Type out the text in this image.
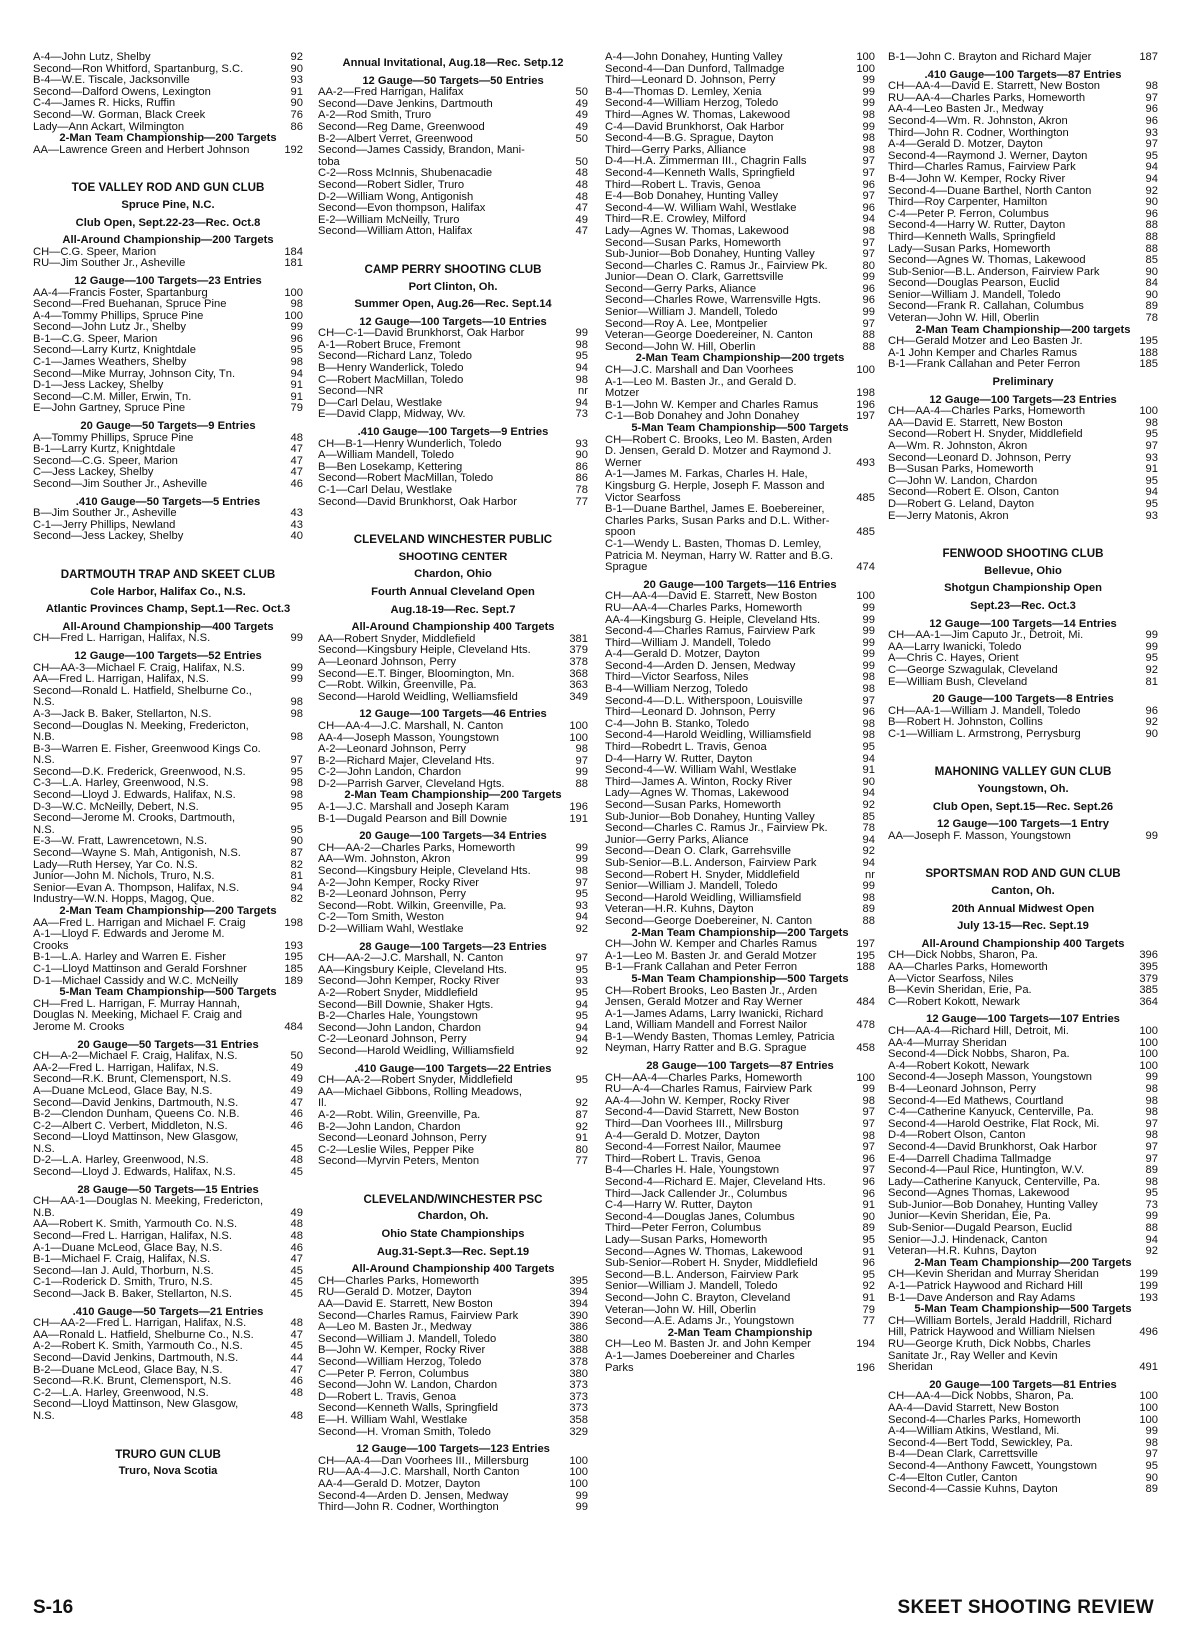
A-4—John Lutz, Shelby	92
Second—Ron Whitford, Spartanburg, S.C.	90
B-4—W.E. Tiscale, Jacksonville	93
Second—Dalford Owens, Lexington	91
C-4—James R. Hicks, Ruffin	90
Second—W. Gorman, Black Creek	76
Lady—Ann Ackart, Wilmington	86
2-Man Team Championship—200 Targets
AA—Lawrence Green and Herbert Johnson	192
TOE VALLEY ROD AND GUN CLUB
Spruce Pine, N.C.
Club Open, Sept.22-23—Rec. Oct.8
All-Around Championship—200 Targets
CH—C.G. Speer, Marion	184
RU—Jim Souther Jr., Asheville	181
12 Gauge—100 Targets—23 Entries
AA-4—Francis Foster, Spartanburg	100
Second—Fred Buehanan, Spruce Pine	98
A-4—Tommy Phillips, Spruce Pine	100
Second—John Lutz Jr., Shelby	99
B-1—C.G. Speer, Marion	96
Second—Larry Kurtz, Knightdale	95
C-1—James Weathers, Shelby	98
Second—Mike Murray, Johnson City, Tn.	94
D-1—Jess Lackey, Shelby	91
Second—C.M. Miller, Erwin, Tn.	91
E—John Gartney, Spruce Pine	79
20 Gauge—50 Targets—9 Entries
A—Tommy Phillips, Spruce Pine	48
B-1—Larry Kurtz, Knightdale	47
Second—C.G. Speer, Marion	47
C—Jess Lackey, Shelby	47
Second—Jim Souther Jr., Asheville	46
.410 Gauge—50 Targets—5 Entries
B—Jim Souther Jr., Asheville	43
C-1—Jerry Phillips, Newland	43
Second—Jess Lackey, Shelby	40
DARTMOUTH TRAP AND SKEET CLUB
Cole Harbor, Halifax Co., N.S.
Atlantic Provinces Champ, Sept.1—Rec. Oct.3
All-Around Championship—400 Targets
CH—Fred L. Harrigan, Halifax, N.S.	99
12 Gauge—100 Targets—52 Entries
CH—AA-3—Michael F. Craig, Halifax, N.S.	99
AA—Fred L. Harrigan, Halifax, N.S.	99
Second—Ronald L. Hatfield, Shelburne Co.,
N.S.	98
A-3—Jack B. Baker, Stellarton, N.S.	98
Second—Douglas N. Meeking, Fredericton,
N.B.	98
B-3—Warren E. Fisher, Greenwood Kings Co.
N.S.	97
Second—D.K. Frederick, Greenwood, N.S.	95
C-3—L.A. Harley, Greenwood, N.S.	98
Second—Lloyd J. Edwards, Halifax, N.S.	98
D-3—W.C. McNeilly, Debert, N.S.	95
Second—Jerome M. Crooks, Dartmouth,
N.S.	95
E-3—W. Fratt, Lawrencetown, N.S.	90
Second—Wayne S. Mah, Antigonish, N.S.	87
Lady—Ruth Hersey, Yar Co. N.S.	82
Junior—John M. Nichols, Truro, N.S.	81
Senior—Evan A. Thompson, Halifax, N.S.	94
Industry—W.N. Hopps, Magog, Que.	82
2-Man Team Championship—200 Targets
AA—Fred L. Harrigan and Michael F. Craig	198
A-1—Lloyd F. Edwards and Jerome M.
Crooks	193
B-1—L.A. Harley and Warren E. Fisher	195
C-1—Lloyd Mattinson and Gerald Forshner	185
D-1—Michael Cassidy and W.C. McNeilly	189
5-Man Team Championship—500 Targets
CH—Fred L. Harrigan, F. Murray Hannah,
Douglas N. Meeking, Michael F. Craig and
Jerome M. Crooks	484
20 Gauge—50 Targets—31 Entries
CH—A-2—Michael F. Craig, Halifax, N.S.	50
AA-2—Fred L. Harrigan, Halifax, N.S.	49
Second—R.K. Brunt, Clemensport, N.S.	49
A—Duane McLeod, Glace Bay, N.S.	49
Second—David Jenkins, Dartmouth, N.S.	47
B-2—Clendon Dunham, Queens Co. N.B.	46
C-2—Albert C. Verbert, Middleton, N.S.	46
Second—Lloyd Mattinson, New Glasgow,
N.S.	45
D-2—L.A. Harley, Greenwood, N.S.	48
Second—Lloyd J. Edwards, Halifax, N.S.	45
28 Gauge—50 Targets—15 Entries
CH—AA-1—Douglas N. Meeking, Fredericton,
N.B.	49
AA—Robert K. Smith, Yarmouth Co. N.S.	48
Second—Fred L. Harrigan, Halifax, N.S.	48
A-1—Duane McLeod, Glace Bay, N.S.	46
B-1—Michael F. Craig, Halifax, N.S.	47
Second—Ian J. Auld, Thorburn, N.S.	45
C-1—Roderick D. Smith, Truro, N.S.	45
Second—Jack B. Baker, Stellarton, N.S.	45
.410 Gauge—50 Targets—21 Entries
CH—AA-2—Fred L. Harrigan, Halifax, N.S.	48
AA—Ronald L. Hatfield, Shelburne Co., N.S.	47
A-2—Robert K. Smith, Yarmouth Co., N.S.	45
Second—David Jenkins, Dartmouth, N.S.	44
B-2—Duane McLeod, Glace Bay, N.S.	47
Second—R.K. Brunt, Clemensport, N.S.	46
C-2—L.A. Harley, Greenwood, N.S.	48
Second—Lloyd Mattinson, New Glasgow,
N.S.	48
TRURO GUN CLUB
Truro, Nova Scotia
Annual Invitational, Aug.18—Rec. Setp.12
12 Gauge—50 Targets—50 Entries
AA-2—Fred Harrigan, Halifax	50
Second—Dave Jenkins, Dartmouth	49
A-2—Rod Smith, Truro	49
Second—Reg Dame, Greenwood	49
B-2—Albert Verret, Greenwood	50
Second—James Cassidy, Brandon, Mani-
toba	50
C-2—Ross McInnis, Shubenacadie	48
Second—Robert Sidler, Truro	48
D-2—William Wong, Antigonish	48
Second—Evon thompson, Halifax	47
E-2—William McNeilly, Truro	49
Second—William Atton, Halifax	47
CAMP PERRY SHOOTING CLUB
Port Clinton, Oh.
Summer Open, Aug.26—Rec. Sept.14
12 Gauge—100 Targets—10 Entries
CH—C-1—David Brunkhorst, Oak Harbor	99
A-1—Robert Bruce, Fremont	98
Second—Richard Lanz, Toledo	95
B—Henry Wanderlick, Toledo	94
C—Robert MacMillan, Toledo	98
Second—NR	nr
D—Carl Delau, Westlake	94
E—David Clapp, Midway, Wv.	73
.410 Gauge—100 Targets—9 Entries
CH—B-1—Henry Wunderlich, Toledo	93
A—William Mandell, Toledo	90
B—Ben Losekamp, Kettering	86
Second—Robert MacMillan, Toledo	86
C-1—Carl Delau, Westlake	78
Second—David Brunkhorst, Oak Harbor	77
CLEVELAND WINCHESTER PUBLIC
SHOOTING CENTER
Chardon, Ohio
Fourth Annual Cleveland Open
Aug.18-19—Rec. Sept.7
All-Around Championship 400 Targets
AA—Robert Snyder, Middlefield	381
Second—Kingsbury Heiple, Cleveland Hts.	379
A—Leonard Johnson, Perry	378
Second—E.T. Binger, Bloomington, Mn.	368
C—Robt. Wilkin, Greenville, Pa.	363
Second—Harold Weidling, Welliamsfield	349
12 Gauge—100 Targets—46 Entries
CH—AA-4—J.C. Marshall, N. Canton	100
AA-4—Joseph Masson, Youngstown	100
A-2—Leonard Johnson, Perry	98
B-2—Richard Majer, Cleveland Hts.	97
C-2—John Landon, Chardon	99
D-2—Parrish Garver, Cleveland Hgts.	88
2-Man Team Championship—200 Targets
A-1—J.C. Marshall and Joseph Karam	196
B-1—Dugald Pearson and Bill Downie	191
20 Gauge—100 Targets—34 Entries
CH—AA-2—Charles Parks, Homeworth	99
AA—Wm. Johnston, Akron	99
Second—Kingsbury Heiple, Cleveland Hts.	98
A-2—John Kemper, Rocky River	97
B-2—Leonard Johnson, Perry	95
Second—Robt. Wilkin, Greenville, Pa.	93
C-2—Tom Smith, Weston	94
D-2—William Wahl, Westlake	92
28 Gauge—100 Targets—23 Entries
CH—AA-2—J.C. Marshall, N. Canton	97
AA—Kingsbury Keiple, Cleveland Hts.	95
Second—John Kemper, Rocky River	93
A-2—Robert Snyder, Middlefield	95
Second—Bill Downie, Shaker Hgts.	94
B-2—Charles Hale, Youngstown	95
Second—John Landon, Chardon	94
C-2—Leonard Johnson, Perry	94
Second—Harold Weidling, Williamsfield	92
.410 Gauge—100 Targets—22 Entries
CH—AA-2—Robert Snyder, Middlefield	95
AA—Michael Gibbons, Rolling Meadows,
Il.	92
A-2—Robt. Wilin, Greenville, Pa.	87
B-2—John Landon, Chardon	92
Second—Leonard Johnson, Perry	91
C-2—Leslie Wiles, Pepper Pike	80
Second—Myrvin Peters, Menton	77
CLEVELAND/WINCHESTER PSC
Chardon, Oh.
Ohio State Championships
Aug.31-Sept.3—Rec. Sept.19
All-Around Championship 400 Targets
CH—Charles Parks, Homeworth	395
RU—Gerald D. Motzer, Dayton	394
AA—David E. Starrett, New Boston	394
Second—Charles Ramus, Fairview Park	390
A—Leo M. Basten Jr., Medway	386
Second—William J. Mandell, Toledo	380
B—John W. Kemper, Rocky River	388
Second—William Herzog, Toledo	378
C—Peter P. Ferron, Columbus	380
Second—John W. Landon, Chardon	373
D—Robert L. Travis, Genoa	373
Second—Kenneth Walls, Springfield	373
E—H. William Wahl, Westlake	358
Second—H. Vroman Smith, Toledo	329
12 Gauge—100 Targets—123 Entries
CH—AA-4—Dan Voorhees III., Millersburg	100
RU—AA-4—J.C. Marshall, North Canton	100
AA-4—Gerald D. Motzer, Dayton	100
Second-4—Arden D. Jensen, Medway	99
Third—John R. Codner, Worthington	99
A-4—John Donahey, Hunting Valley	100
Second-4—Dan Dunford, Tallmadge	100
Third—Leonard D. Johnson, Perry	99
B-4—Thomas D. Lemley, Xenia	99
Second-4—William Herzog, Toledo	99
Third—Agnes W. Thomas, Lakewood	98
C-4—David Brunkhorst, Oak Harbor	99
Second-4—B.G. Sprague, Dayton	98
Third—Gerry Parks, Alliance	98
D-4—H.A. Zimmerman III., Chagrin Falls	97
Second-4—Kenneth Walls, Springfield	97
Third—Robert L. Travis, Genoa	96
E-4—Bob Donahey, Hunting Valley	97
Second-4—W. William Wahl, Westlake	96
Third—R.E. Crowley, Milford	94
Lady—Agnes W. Thomas, Lakewood	98
Second—Susan Parks, Homeworth	97
Sub-Junior—Bob Donahey, Hunting Valley	97
Second—Charles C. Ramus Jr., Fairview Pk.	80
Junior—Dean O. Clark, Garrettsville	99
Second—Gerry Parks, Aliance	96
Second—Charles Rowe, Warrensville Hgts.	96
Senior—William J. Mandell, Toledo	99
Second—Roy A. Lee, Montpelier	97
Veteran—George Doedereiner, N. Canton	88
Second—John W. Hill, Oberlin	88
2-Man Team Championship—200 trgets
CH—J.C. Marshall and Dan Voorhees	100
A-1—Leo M. Basten Jr., and Gerald D.
Motzer	198
B-1—John W. Kemper and Charles Ramus	196
C-1—Bob Donahey and John Donahey	197
5-Man Team Championship—500 Targets
CH—Robert C. Brooks, Leo M. Basten, Arden
D. Jensen, Gerald D. Motzer and Raymond J.
Werner	493
A-1—James M. Farkas, Charles H. Hale,
Kingsburg G. Herple, Joseph F. Masson and
Victor Searfoss	485
B-1—Duane Barthel, James E. Boebereiner,
Charles Parks, Susan Parks and D.L. Wither-
spoon	485
C-1—Wendy L. Basten, Thomas D. Lemley,
Patricia M. Neyman, Harry W. Ratter and B.G.
Sprague	474
20 Gauge—100 Targets—116 Entries
CH—AA-4—David E. Starrett, New Boston	100
RU—AA-4—Charles Parks, Homeworth	99
AA-4—Kingsburg G. Heiple, Cleveland Hts.	99
Second-4—Charles Ramus, Fairview Park	99
Third—William J. Mandell, Toledo	99
A-4—Gerald D. Motzer, Dayton	99
Second-4—Arden D. Jensen, Medway	99
Third—Victor Searfoss, Niles	98
B-4—William Nerzog, Toledo	98
Second-4—D.L. Witherspoon, Louisville	97
Third—Leonard D. Johnson, Perry	96
C-4—John B. Stanko, Toledo	98
Second-4—Harold Weidling, Williamsfield	98
Third—Robedrt L. Travis, Genoa	95
D-4—Harry W. Rutter, Dayton	94
Second-4—W. William Wahl, Westlake	91
Third—James A. Winton, Rocky River	90
Lady—Agnes W. Thomas, Lakewood	94
Second—Susan Parks, Homeworth	92
Sub-Junior—Bob Donahey, Hunting Valley	85
Second—Charles C. Ramus Jr., Fairview Pk.	78
Junior—Gerry Parks, Aliance	94
Second—Dean O. Clark, Garrehsville	92
Sub-Senior—B.L. Anderson, Fairview Park	94
Second—Robert H. Snyder, Middlefield	nr
Senior—William J. Mandell, Toledo	99
Second—Harold Weidling, Williamsfield	98
Veteran—H.R. Kuhns, Dayton	89
Second—George Doebereiner, N. Canton	88
2-Man Team Championship—200 Targets
CH—John W. Kemper and Charles Ramus	197
A-1—Leo M. Basten Jr. and Gerald Motzer	195
B-1—Frank Callahan and Peter Ferron	188
5-Man Team Championship—500 Targets
CH—Robert Brooks, Leo Basten Jr., Arden
Jensen, Gerald Motzer and Ray Werner	484
A-1—James Adams, Larry Iwanicki, Richard
Land, William Mandell and Forrest Nailor	478
B-1—Wendy Basten, Thomas Lemley, Patricia
Neyman, Harry Ratter and B.G. Sprague	458
28 Gauge—100 Targets—87 Entries
CH—AA-4—Charles Parks, Homeworth	100
RU—A-4—Charles Ramus, Fairview Park	99
AA-4—John W. Kemper, Rocky River	98
Second-4—David Starrett, New Boston	97
Third—Dan Voorhees III., Millrsburg	97
A-4—Gerald D. Motzer, Dayton	98
Second-4—Forrest Nailor, Maumee	97
Third—Robert L. Travis, Genoa	96
B-4—Charles H. Hale, Youngstown	97
Second-4—Richard E. Majer, Cleveland Hts.	96
Third—Jack Callender Jr., Columbus	96
C-4—Harry W. Rutter, Dayton	91
Second-4—Douglas Janes, Columbus	90
Third—Peter Ferron, Columbus	89
Lady—Susan Parks, Homeworth	95
Second—Agnes W. Thomas, Lakewood	91
Sub-Senior—Robert H. Snyder, Middlefield	96
Second—B.L. Anderson, Fairview Park	95
Senior—William J. Mandell, Toledo	92
Second—John C. Brayton, Cleveland	91
Veteran—John W. Hill, Oberlin	79
Second—A.E. Adams Jr., Youngstown	77
2-Man Team Championship
CH—Leo M. Basten Jr. and John Kemper	194
A-1—James Doebereiner and Charles
Parks	196
B-1—John C. Brayton and Richard Majer	187
.410 Gauge—100 Targets—87 Entries
CH—AA-4—David E. Starrett, New Boston	98
RU—AA-4—Charles Parks, Homeworth	97
AA-4—Leo Basten Jr., Medway	96
Second-4—Wm. R. Johnston, Akron	96
Third—John R. Codner, Worthington	93
A-4—Gerald D. Motzer, Dayton	97
Second-4—Raymond J. Werner, Dayton	95
Third—Charles Ramus, Fairview Park	94
B-4—John W. Kemper, Rocky River	94
Second-4—Duane Barthel, North Canton	92
Third—Roy Carpenter, Hamilton	90
C-4—Peter P. Ferron, Columbus	96
Second-4—Harry W. Rutter, Dayton	88
Third—Kenneth Walls, Springfield	88
Lady—Susan Parks, Homeworth	88
Second—Agnes W. Thomas, Lakewood	85
Sub-Senior—B.L. Anderson, Fairview Park	90
Second—Douglas Pearson, Euclid	84
Senior—William J. Mandell, Toledo	90
Second—Frank R. Callahan, Columbus	89
Veteran—John W. Hill, Oberlin	78
2-Man Team Championship—200 targets
CH—Gerald Motzer and Leo Basten Jr.	195
A-1 John Kemper and Charles Ramus	188
B-1—Frank Callahan and Peter Ferron	185
Preliminary
12 Gauge—100 Targets—23 Entries
CH—AA-4—Charles Parks, Homeworth	100
AA—David E. Starrett, New Boston	98
Second—Robert H. Snyder, Middlefield	95
A—Wm. R. Johnston, Akron	97
Second—Leonard D. Johnson, Perry	93
B—Susan Parks, Homeworth	91
C—John W. Landon, Chardon	95
Second—Robert E. Olson, Canton	94
D—Robert G. Leland, Dayton	95
E—Jerry Matonis, Akron	93
FENWOOD SHOOTING CLUB
Bellevue, Ohio
Shotgun Championship Open
Sept.23—Rec. Oct.3
12 Gauge—100 Targets—14 Entries
CH—AA-1—Jim Caputo Jr., Detroit, Mi.	99
AA—Larry Iwanicki, Toledo	99
A—Chris C. Hayes, Orient	95
C—George Szwagulak, Cleveland	92
E—William Bush, Cleveland	81
20 Gauge—100 Targets—8 Entries
CH—AA-1—William J. Mandell, Toledo	96
B—Robert H. Johnston, Collins	92
C-1—William L. Armstrong, Perrysburg	90
MAHONING VALLEY GUN CLUB
Youngstown, Oh.
Club Open, Sept.15—Rec. Sept.26
12 Gauge—100 Targets—1 Entry
AA—Joseph F. Masson, Youngstown	99
SPORTSMAN ROD AND GUN CLUB
Canton, Oh.
20th Annual Midwest Open
July 13-15—Rec. Sept.19
All-Around Championship 400 Targets
CH—Dick Nobbs, Sharon, Pa.	396
AA—Charles Parks, Homeworth	395
A—Victor Searfoss, Niles	379
B—Kevin Sheridan, Erie, Pa.	385
C—Robert Kokott, Newark	364
12 Gauge—100 Targets—107 Entries
CH—AA-4—Richard Hill, Detroit, Mi.	100
AA-4—Murray Sheridan	100
Second-4—Dick Nobbs, Sharon, Pa.	100
A-4—Robert Kokott, Newark	100
Second-4—Joseph Masson, Youngstown	99
B-4—Leonard Johnson, Perry	98
Second-4—Ed Mathews, Courtland	98
C-4—Catherine Kanyuck, Centerville, Pa.	98
Second-4—Harold Oestrike, Flat Rock, Mi.	97
D-4—Robert Olson, Canton	98
Second-4—David Brunkhorst, Oak Harbor	97
E-4—Darrell Chadima Tallmadge	97
Second-4—Paul Rice, Huntington, W.V.	89
Lady—Catherine Kanyuck, Centerville, Pa.	98
Second—Agnes Thomas, Lakewood	95
Sub-Junior—Bob Donahey, Hunting Valley	73
Junior—Kevin Sheridan, Eie, Pa.	99
Sub-Senior—Dugald Pearson, Euclid	88
Senior—J.J. Hindenack, Canton	94
Veteran—H.R. Kuhns, Dayton	92
2-Man Team Championship—200 Targets
CH—Kevin Sheridan and Murray Sheridan	199
A-1—Patrick Haywood and Richard Hill	199
B-1—Dave Anderson and Ray Adams	193
5-Man Team Championship—500 Targets
CH—William Bortels, Jerald Haddrill, Richard
Hill, Patrick Haywood and William Nielsen	496
RU—George Kruth, Dick Nobbs, Charles
Sanitate Jr., Ray Weller and Kevin
Sheridan	491
20 Gauge—100 Targets—81 Entries
CH—AA-4—Dick Nobbs, Sharon, Pa.	100
AA-4—David Starrett, New Boston	100
Second-4—Charles Parks, Homeworth	100
A-4—William Atkins, Westland, Mi.	99
Second-4—Bert Todd, Sewickley, Pa.	98
B-4—Dean Clark, Carrettsville	97
Second-4—Anthony Fawcett, Youngstown	95
C-4—Elton Cutler, Canton	90
Second-4—Cassie Kuhns, Dayton	89
S-16	SKEET SHOOTING REVIEW
